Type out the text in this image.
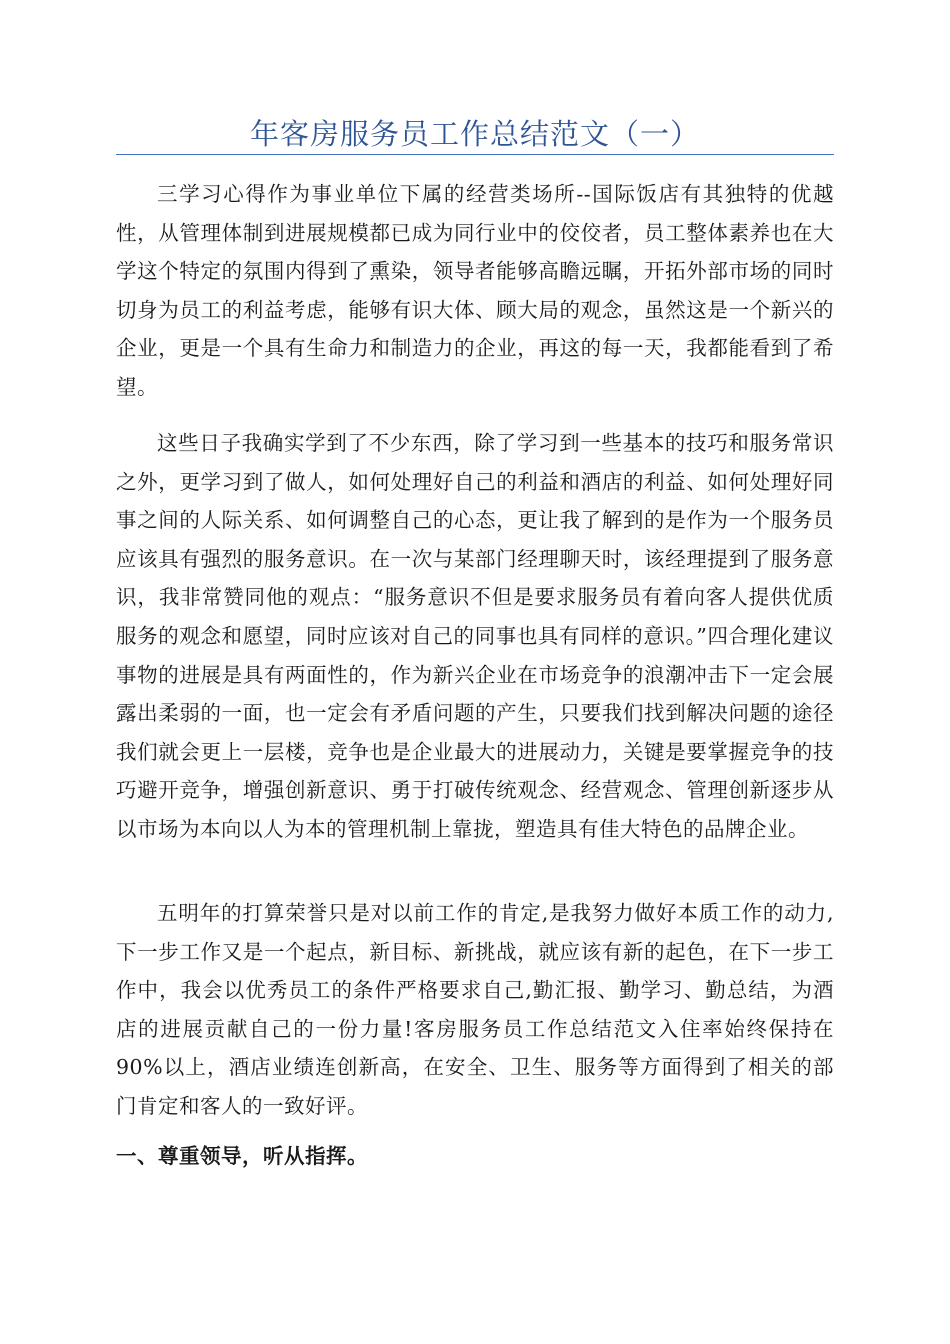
年客房服务员工作总结范文（一）

三学习心得作为事业单位下属的经营类场所--国际饭店有其独特的优越性，从管理体制到进展规模都已成为同行业中的佼佼者，员工整体素养也在大学这个特定的氛围内得到了熏染，领导者能够高瞻远瞩，开拓外部市场的同时切身为员工的利益考虑，能够有识大体、顾大局的观念，虽然这是一个新兴的企业，更是一个具有生命力和制造力的企业，再这的每一天，我都能看到了希望。

这些日子我确实学到了不少东西，除了学习到一些基本的技巧和服务常识之外，更学习到了做人，如何处理好自己的利益和酒店的利益、如何处理好同事之间的人际关系、如何调整自己的心态，更让我了解到的是作为一个服务员应该具有强烈的服务意识。在一次与某部门经理聊天时，该经理提到了服务意识，我非常赞同他的观点：“服务意识不但是要求服务员有着向客人提供优质服务的观念和愿望，同时应该对自己的同事也具有同样的意识。”四合理化建议事物的进展是具有两面性的，作为新兴企业在市场竞争的浪潮冲击下一定会展露出柔弱的一面，也一定会有矛盾问题的产生，只要我们找到解决问题的途径我们就会更上一层楼，竞争也是企业最大的进展动力，关键是要掌握竞争的技巧避开竞争，增强创新意识、勇于打破传统观念、经营观念、管理创新逐步从以市场为本向以人为本的管理机制上靠拢，塑造具有佳大特色的品牌企业。

五明年的打算荣誉只是对以前工作的肯定,是我努力做好本质工作的动力,下一步工作又是一个起点，新目标、新挑战，就应该有新的起色，在下一步工作中，我会以优秀员工的条件严格要求自己,勤汇报、勤学习、勤总结，为酒店的进展贡献自己的一份力量!客房服务员工作总结范文入住率始终保持在90%以上，酒店业绩连创新高，在安全、卫生、服务等方面得到了相关的部门肯定和客人的一致好评。

一、尊重领导，听从指挥。
